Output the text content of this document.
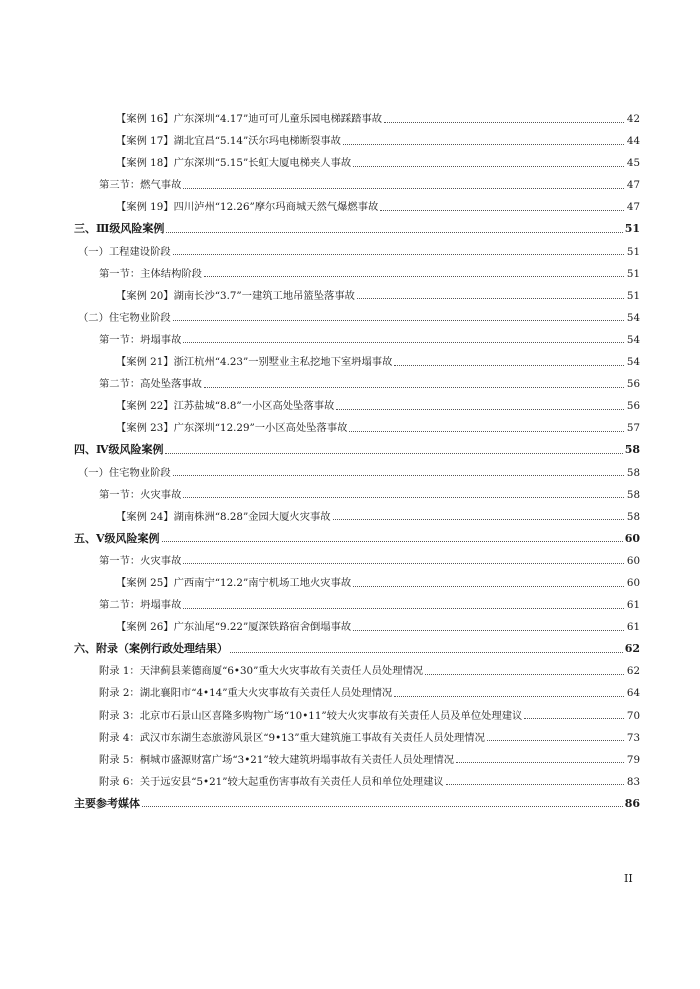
【案例 16】广东深圳“4.17”迪可可儿童乐园电梯踩踏事故	42
【案例 17】湖北宜昌“5.14”沃尔玛电梯断裂事故	44
【案例 18】广东深圳“5.15”长虹大厦电梯夹人事故	45
第三节：燃气事故	47
【案例 19】四川泸州“12.26”摩尔玛商城天然气爆燃事故	47
三、Ⅲ级风险案例	51
（一）工程建设阶段	51
第一节：主体结构阶段	51
【案例 20】湖南长沙“3.7”一建筑工地吊篮坠落事故	51
（二）住宅物业阶段	54
第一节：坍塌事故	54
【案例 21】浙江杭州“4.23”一别墅业主私挖地下室坍塌事故	54
第二节：高处坠落事故	56
【案例 22】江苏盐城“8.8”一小区高处坠落事故	56
【案例 23】广东深圳“12.29”一小区高处坠落事故	57
四、Ⅳ级风险案例	58
（一）住宅物业阶段	58
第一节：火灾事故	58
【案例 24】湖南株洲“8.28”金园大厦火灾事故	58
五、Ⅴ级风险案例	60
第一节：火灾事故	60
【案例 25】广西南宁“12.2”南宁机场工地火灾事故	60
第二节：坍塌事故	61
【案例 26】广东汕尾“9.22”厦深铁路宿舍倒塌事故	61
六、附录（案例行政处理结果）	62
附录 1：天津蓟县莱德商厦“6•30”重大火灾事故有关责任人员处理情况	62
附录 2：湖北襄阳市“4•14”重大火灾事故有关责任人员处理情况	64
附录 3：北京市石景山区喜隆多购物广场“10•11”较大火灾事故有关责任人员及单位处理建议	70
附录 4：武汉市东湖生态旅游风景区“9•13”重大建筑施工事故有关责任人员处理情况	73
附录 5：桐城市盛源财富广场“3•21”较大建筑坍塌事故有关责任人员处理情况	79
附录 6：关于远安县“5•21”较大起重伤害事故有关责任人员和单位处理建议	83
主要参考媒体	86
II
